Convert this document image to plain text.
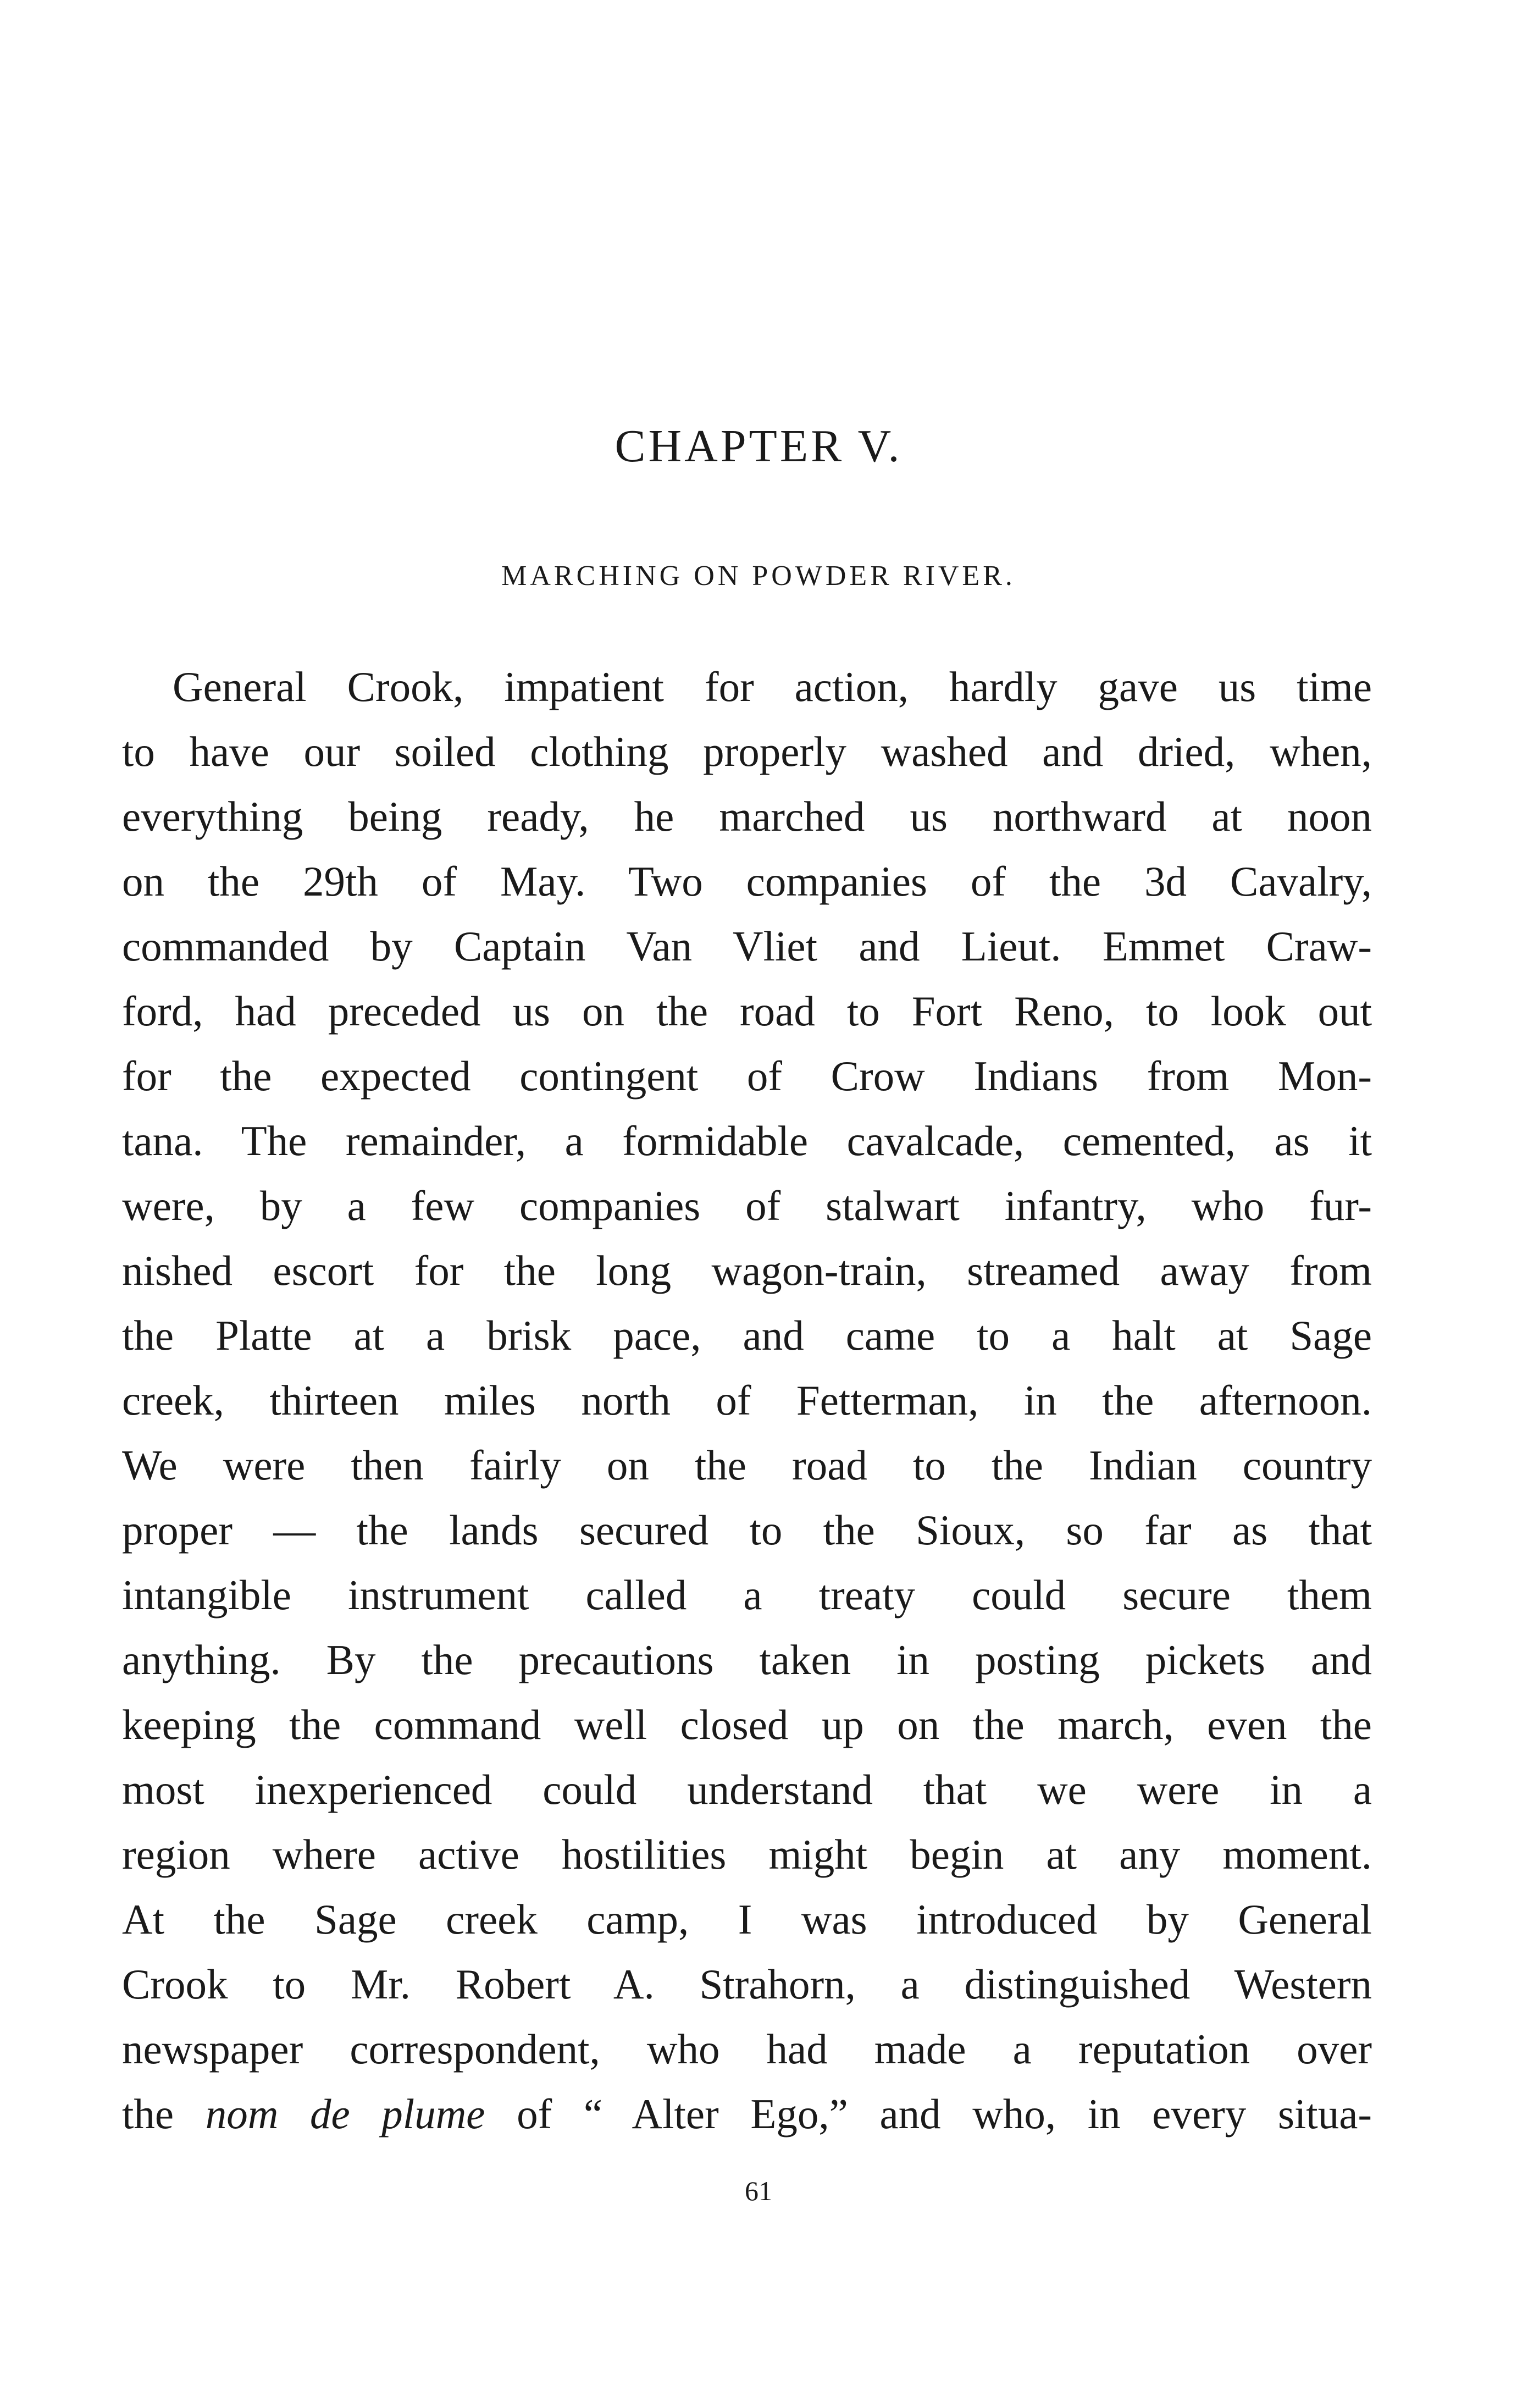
CHAPTER V.
MARCHING ON POWDER RIVER.
General Crook, impatient for action, hardly gave us time
to have our soiled clothing properly washed and dried, when,
everything being ready, he marched us northward at noon
on the 29th of May. Two companies of the 3d Cavalry,
commanded by Captain Van Vliet and Lieut. Emmet Craw-
ford, had preceded us on the road to Fort Reno, to look out
for the expected contingent of Crow Indians from Mon-
tana. The remainder, a formidable cavalcade, cemented, as it
were, by a few companies of stalwart infantry, who fur-
nished escort for the long wagon-train, streamed away from
the Platte at a brisk pace, and came to a halt at Sage
creek, thirteen miles north of Fetterman, in the afternoon.
We were then fairly on the road to the Indian country
proper — the lands secured to the Sioux, so far as that
intangible instrument called a treaty could secure them
anything. By the precautions taken in posting pickets and
keeping the command well closed up on the march, even the
most inexperienced could understand that we were in a
region where active hostilities might begin at any moment.
At the Sage creek camp, I was introduced by General
Crook to Mr. Robert A. Strahorn, a distinguished Western
newspaper correspondent, who had made a reputation over
the nom de plume of “ Alter Ego,” and who, in every situa-
61
